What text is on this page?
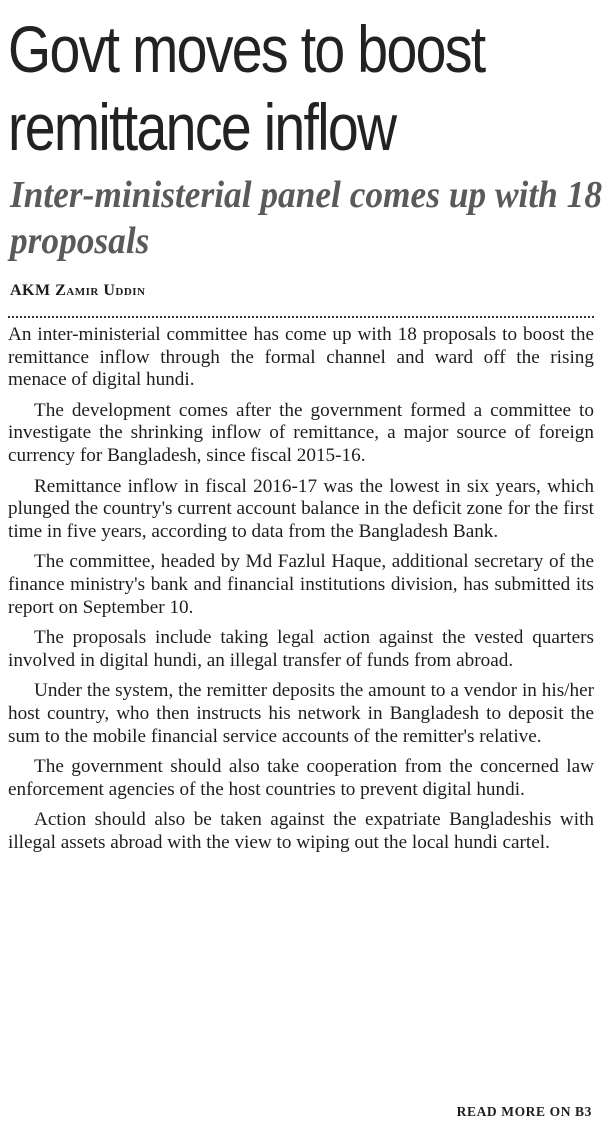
Govt moves to boost remittance inflow
Inter-ministerial panel comes up with 18 proposals
AKM Zamir Uddin

An inter-ministerial committee has come up with 18 proposals to boost the remittance inflow through the formal channel and ward off the rising menace of digital hundi.

The development comes after the government formed a committee to investigate the shrinking inflow of remittance, a major source of foreign currency for Bangladesh, since fiscal 2015-16.

Remittance inflow in fiscal 2016-17 was the lowest in six years, which plunged the country's current account balance in the deficit zone for the first time in five years, according to data from the Bangladesh Bank.

The committee, headed by Md Fazlul Haque, additional secretary of the finance ministry's bank and financial institutions division, has submitted its report on September 10.

The proposals include taking legal action against the vested quarters involved in digital hundi, an illegal transfer of funds from abroad.

Under the system, the remitter deposits the amount to a vendor in his/her host country, who then instructs his network in Bangladesh to deposit the sum to the mobile financial service accounts of the remitter's relative.

The government should also take cooperation from the concerned law enforcement agencies of the host countries to prevent digital hundi.

Action should also be taken against the expatriate Bangladeshis with illegal assets abroad with the view to wiping out the local hundi cartel.

READ MORE ON B3
